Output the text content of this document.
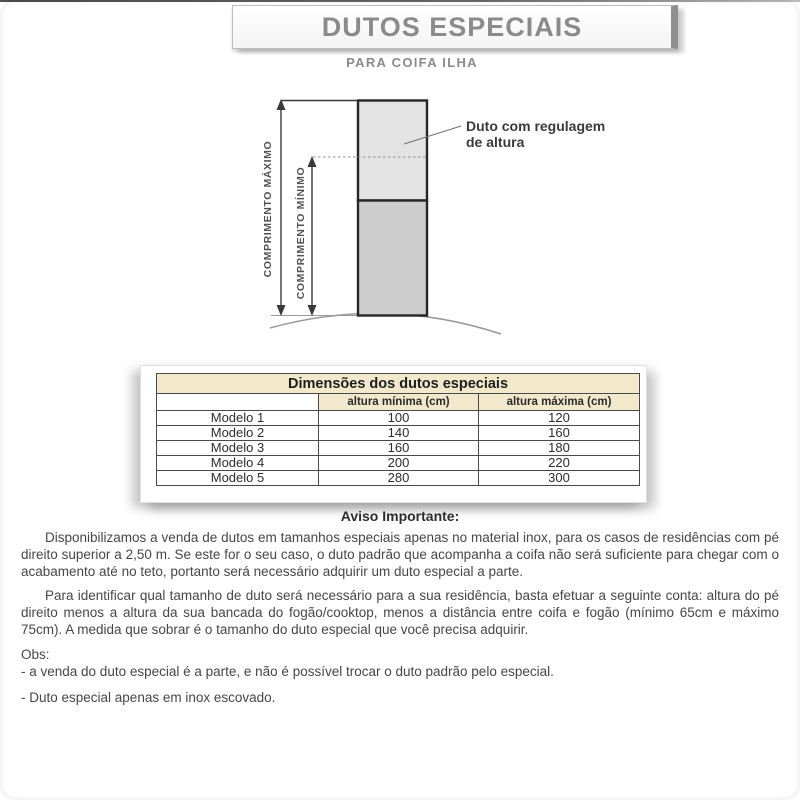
DUTOS ESPECIAIS
PARA COIFA ILHA
COMPRIMENTO MÁXIMO COMPRIMENTO MÍNIMO
Duto com regulagem
de altura
Dimensões dos dutos especiais		
	altura mínima (cm)	altura máxima (cm)
Modelo 1	100	120
Modelo 2	140	160
Modelo 3	160	180
Modelo 4	200	220
Modelo 5	280	300
Aviso Importante:

Disponibilizamos a venda de dutos em tamanhos especiais apenas no material inox, para os casos de residências com pé direito superior a 2,50 m. Se este for o seu caso, o duto padrão que acompanha a coifa não será suficiente para chegar com o acabamento até no teto, portanto será necessário adquirir um duto especial a parte.

Para identificar qual tamanho de duto será necessário para a sua residência, basta efetuar a seguinte conta: altura do pé direito menos a altura da sua bancada do fogão/cooktop, menos a distância entre coifa e fogão (mínimo 65cm e máximo 75cm). A medida que sobrar é o tamanho do duto especial que você precisa adquirir.

Obs:
- a venda do duto especial é a parte, e não é possível trocar o duto padrão pelo especial.
- Duto especial apenas em inox escovado.
